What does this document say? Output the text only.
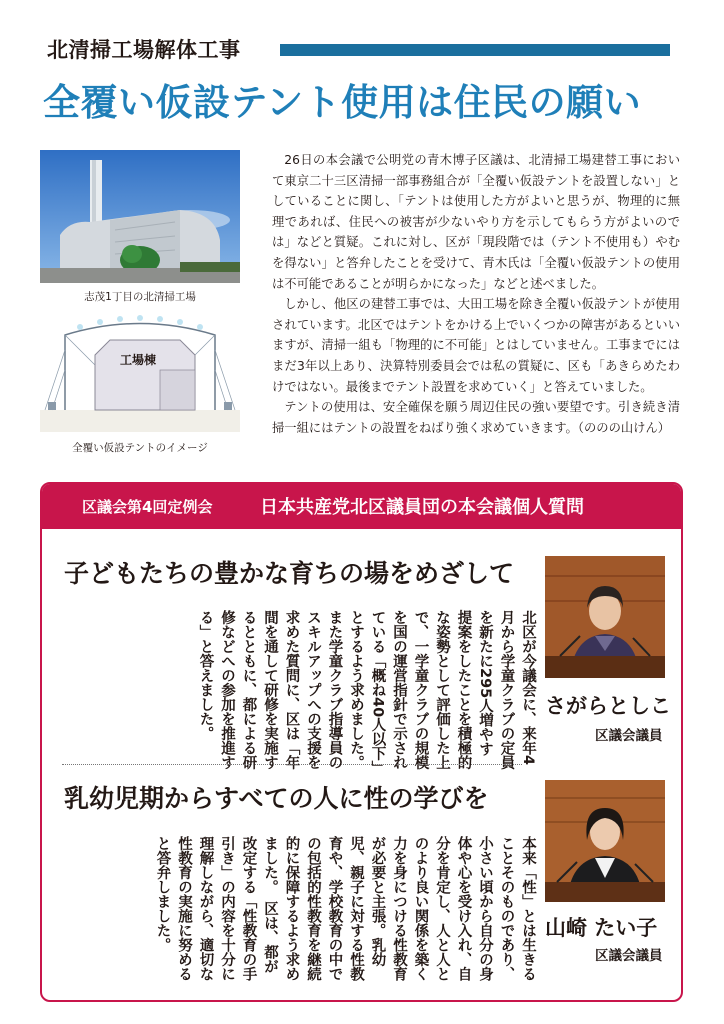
北清掃工場解体工事
全覆い仮設テント使用は住民の願い
志茂1丁目の北清掃工場
工場棟
全覆い仮設テントのイメージ

26日の本会議で公明党の青木博子区議は、北清掃工場建替工事において東京二十三区清掃一部事務組合が「全覆い仮設テントを設置しない」としていることに関し、「テントは使用した方がよいと思うが、物理的に無理であれば、住民への被害が少ないやり方を示してもらう方がよいのでは」などと質疑。これに対し、区が「現段階では（テント不使用も）やむを得ない」と答弁したことを受けて、青木氏は「全覆い仮設テントの使用は不可能であることが明らかになった」などと述べました。

しかし、他区の建替工事では、大田工場を除き全覆い仮設テントが使用されています。北区ではテントをかける上でいくつかの障害があるといいますが、清掃一組も「物理的に不可能」とはしていません。工事までにはまだ3年以上あり、決算特別委員会では私の質疑に、区も「あきらめたわけではない。最後までテント設置を求めていく」と答えていました。

テントの使用は、安全確保を願う周辺住民の強い要望です。引き続き清掃一組にはテントの設置をねばり強く求めていきます。（ののの山けん）

区議会第4回定例会	日本共産党北区議員団の本会議個人質問
子どもたちの豊かな育ちの場をめざして

北区が今議会に、来年4月から学童クラブの定員を新たに295人増やす提案をしたことを積極的な姿勢として評価した上で、一学童クラブの規模を国の運営指針で示されている「概ね40人以下」とするよう求めました。また学童クラブ指導員のスキルアップへの支援を求めた質問に、区は「年間を通して研修を実施するとともに、都による研修などへの参加を推進する」と答えました。	さがらとしこ
区議会議員
乳幼児期からすべての人に性の学びを

本来「性」とは生きることそのものであり、小さい頃から自分の身体や心を受け入れ、自分を肯定し、人と人とのより良い関係を築く力を身につける性教育が必要と主張。乳幼児、親子に対する性教育や、学校教育の中での包括的性教育を継続的に保障するよう求めました。　区は、都が改定する「性教育の手引き」の内容を十分に理解しながら、適切な性教育の実施に努めると答弁しました。	山崎 たい子
区議会議員
